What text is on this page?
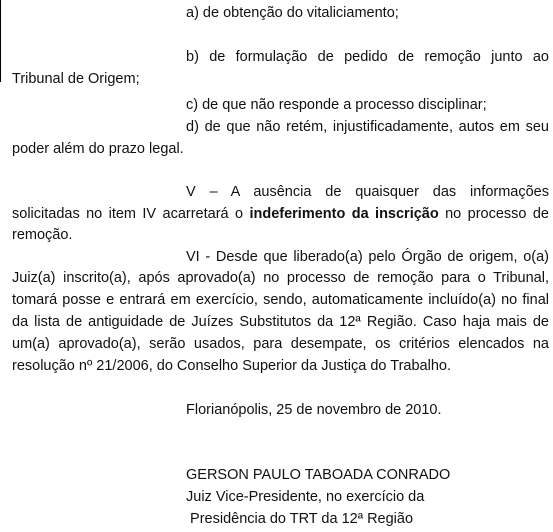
a) de obtenção do vitaliciamento;
b) de formulação de pedido de remoção junto ao
Tribunal de Origem;
c) de que não responde a processo disciplinar;
d) de que não retém, injustificadamente, autos em seu
poder além do prazo legal.
V – A ausência de quaisquer das informações
solicitadas no item IV acarretará o indeferimento da inscrição no processo de
remoção.
VI - Desde que liberado(a) pelo Órgão de origem, o(a)
Juiz(a) inscrito(a), após aprovado(a) no processo de remoção para o Tribunal,
tomará posse e entrará em exercício, sendo, automaticamente incluído(a) no final
da lista de antiguidade de Juízes Substitutos da 12ª Região. Caso haja mais de
um(a) aprovado(a), serão usados, para desempate, os critérios elencados na
resolução nº 21/2006, do Conselho Superior da Justiça do Trabalho.
Florianópolis, 25 de novembro de 2010.
GERSON PAULO TABOADA CONRADO
Juiz Vice-Presidente, no exercício da
Presidência do TRT da 12ª Região
